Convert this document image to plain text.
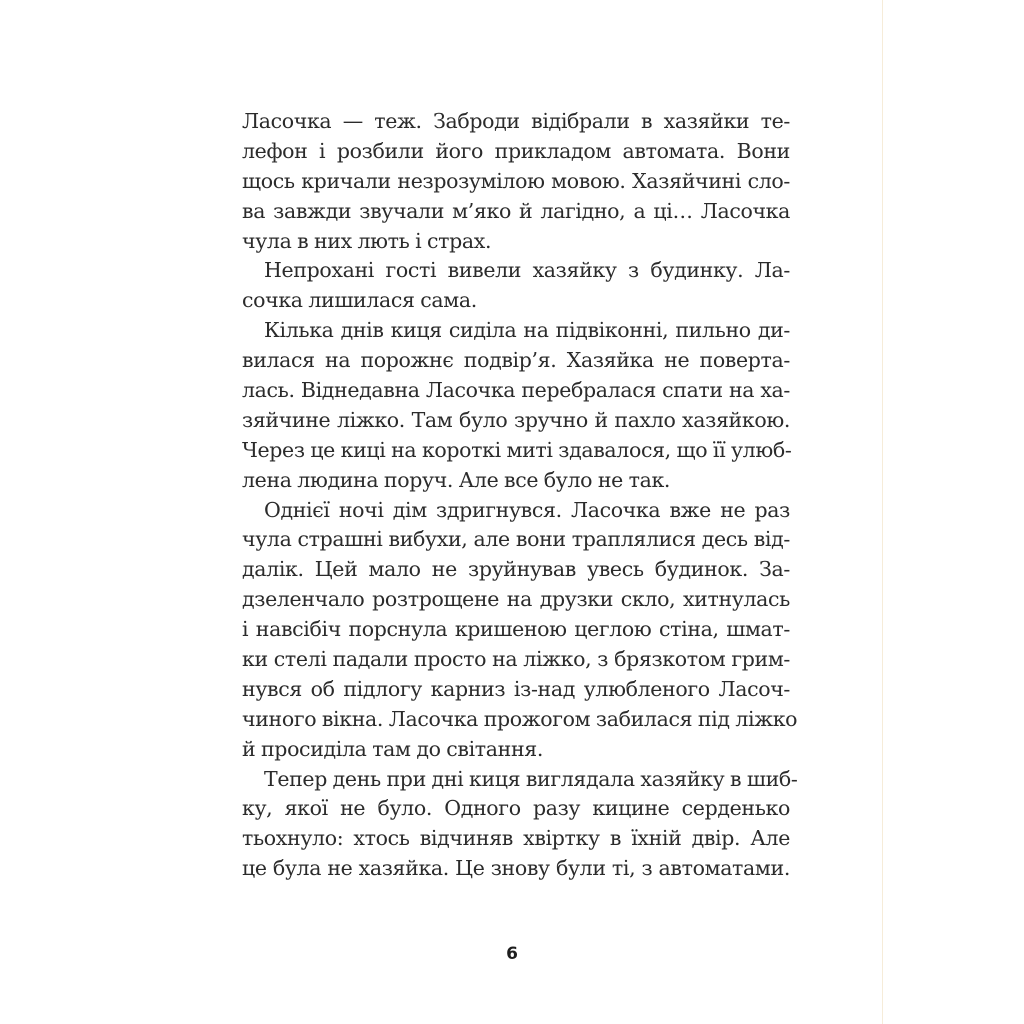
Ласочка — теж. Заброди відібрали в хазяйки те-
лефон і розбили його прикладом автомата. Вони
щось кричали незрозумілою мовою. Хазяйчині сло-
ва завжди звучали м’яко й лагідно, а ці… Ласочка
чула в них лють і страх.
Непрохані гості вивели хазяйку з будинку. Ла-
сочка лишилася сама.
Кілька днів киця сиділа на підвіконні, пильно ди-
вилася на порожнє подвір’я. Хазяйка не поверта-
лась. Віднедавна Ласочка перебралася спати на ха-
зяйчине ліжко. Там було зручно й пахло хазяйкою.
Через це киці на короткі миті здавалося, що її улюб-
лена людина поруч. Але все було не так.
Однієї ночі дім здригнувся. Ласочка вже не раз
чула страшні вибухи, але вони траплялися десь від-
далік. Цей мало не зруйнував увесь будинок. За-
дзеленчало розтрощене на друзки скло, хитнулась
і навсібіч порснула кришеною цеглою стіна, шмат-
ки стелі падали просто на ліжко, з брязкотом грим-
нувся об підлогу карниз із-над улюбленого Ласоч-
чиного вікна. Ласочка прожогом забилася під ліжко
й просиділа там до світання.
Тепер день при дні киця виглядала хазяйку в шиб-
ку, якої не було. Одного разу кицине серденько
тьохнуло: хтось відчиняв хвіртку в їхній двір. Але
це була не хазяйка. Це знову були ті, з автоматами.
6
